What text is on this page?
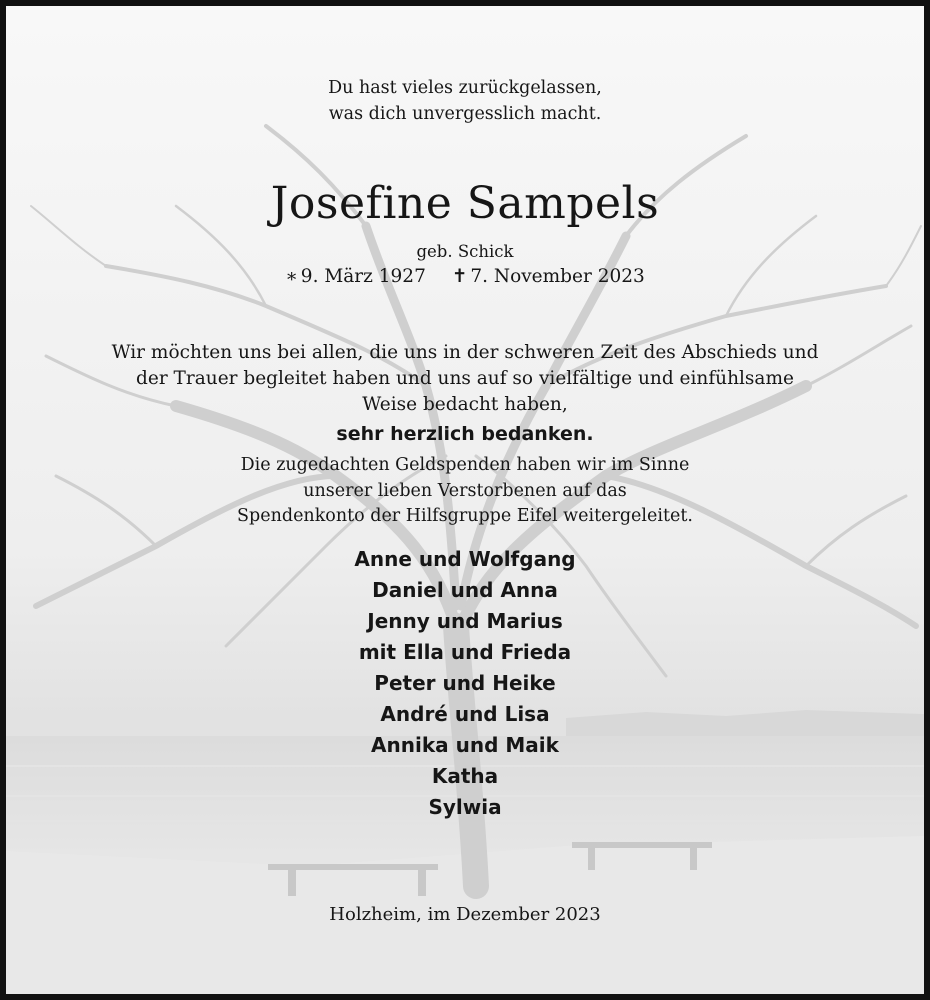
Du hast vieles zurückgelassen,
was dich unvergesslich macht.
Josefine Sampels
geb. Schick
∗ 9. März 1927 ✝ 7. November 2023
Wir möchten uns bei allen, die uns in der schweren Zeit des Abschieds und
der Trauer begleitet haben und uns auf so vielfältige und einfühlsame
Weise bedacht haben,
sehr herzlich bedanken.
Die zugedachten Geldspenden haben wir im Sinne
unserer lieben Verstorbenen auf das
Spendenkonto der Hilfsgruppe Eifel weitergeleitet.
Anne und Wolfgang
Daniel und Anna
Jenny und Marius
mit Ella und Frieda
Peter und Heike
André und Lisa
Annika und Maik
Katha
Sylwia
Holzheim, im Dezember 2023
